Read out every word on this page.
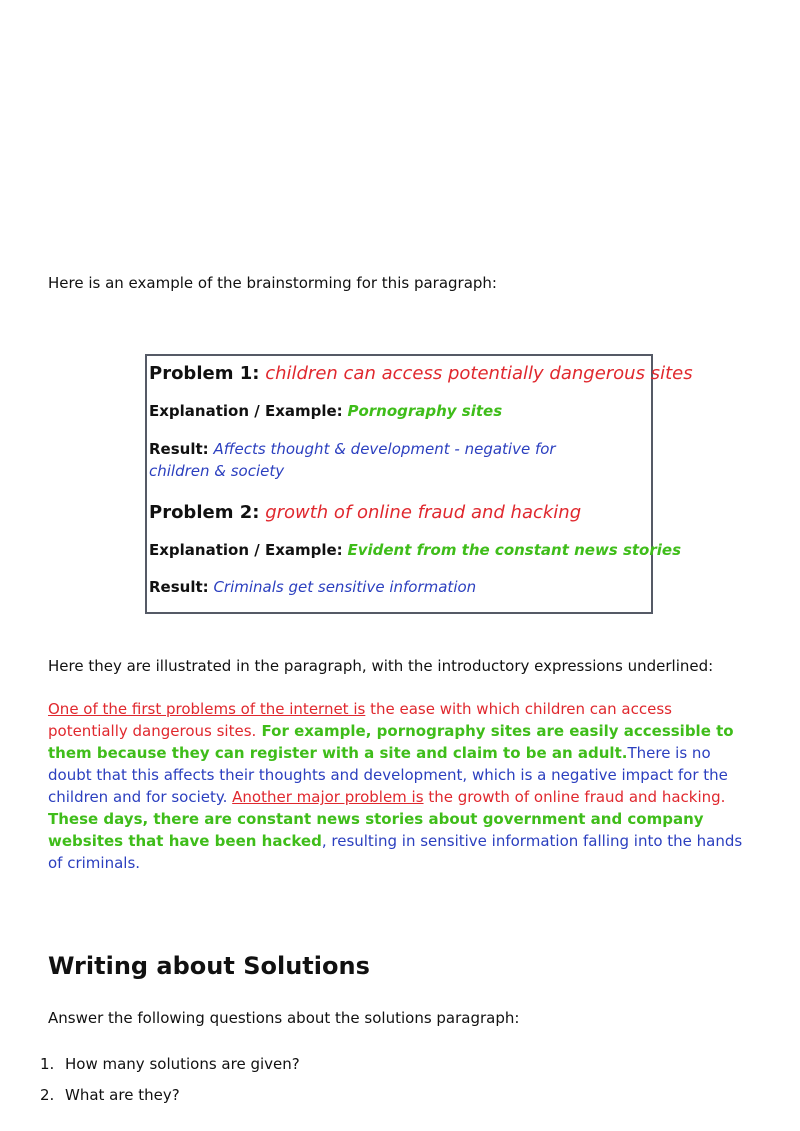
Here is an example of the brainstorming for this paragraph:
Problem 1: children can access potentially dangerous sites
Explanation / Example: Pornography sites
Result: Affects thought & development - negative for children & society
Problem 2: growth of online fraud and hacking
Explanation / Example: Evident from the constant news stories
Result: Criminals get sensitive information
Here they are illustrated in the paragraph, with the introductory expressions underlined:
One of the first problems of the internet is the ease with which children can access potentially dangerous sites. For example, pornography sites are easily accessible to them because they can register with a site and claim to be an adult.There is no doubt that this affects their thoughts and development, which is a negative impact for the children and for society. Another major problem is the growth of online fraud and hacking. These days, there are constant news stories about government and company websites that have been hacked, resulting in sensitive information falling into the hands of criminals.
Writing about Solutions
Answer the following questions about the solutions paragraph:
1. How many solutions are given?
2. What are they?
